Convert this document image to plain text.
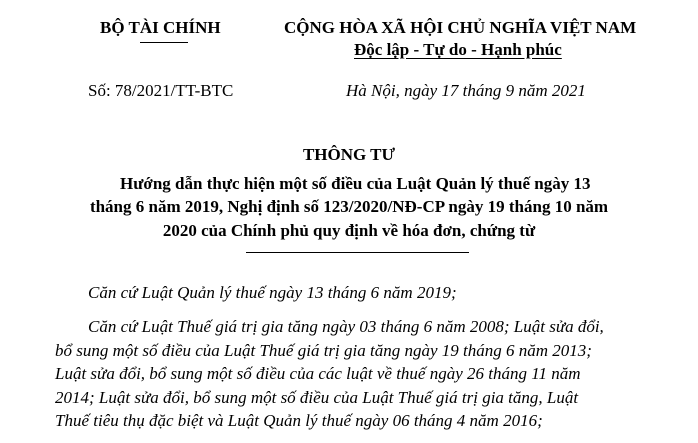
BỘ TÀI CHÍNH	CỘNG HÒA XÃ HỘI CHỦ NGHĨA VIỆT NAM
Độc lập - Tự do - Hạnh phúc
Số: 78/2021/TT-BTC	Hà Nội, ngày 17 tháng 9 năm 2021
THÔNG TƯ
Hướng dẫn thực hiện một số điều của Luật Quản lý thuế ngày 13
tháng 6 năm 2019, Nghị định số 123/2020/NĐ-CP ngày 19 tháng 10 năm
2020 của Chính phủ quy định về hóa đơn, chứng từ
Căn cứ Luật Quản lý thuế ngày 13 tháng 6 năm 2019;
Căn cứ Luật Thuế giá trị gia tăng ngày 03 tháng 6 năm 2008; Luật sửa đổi,
bổ sung một số điều của Luật Thuế giá trị gia tăng ngày 19 tháng 6 năm 2013;
Luật sửa đổi, bổ sung một số điều của các luật về thuế ngày 26 tháng 11 năm
2014; Luật sửa đổi, bổ sung một số điều của Luật Thuế giá trị gia tăng, Luật
Thuế tiêu thụ đặc biệt và Luật Quản lý thuế ngày 06 tháng 4 năm 2016;
